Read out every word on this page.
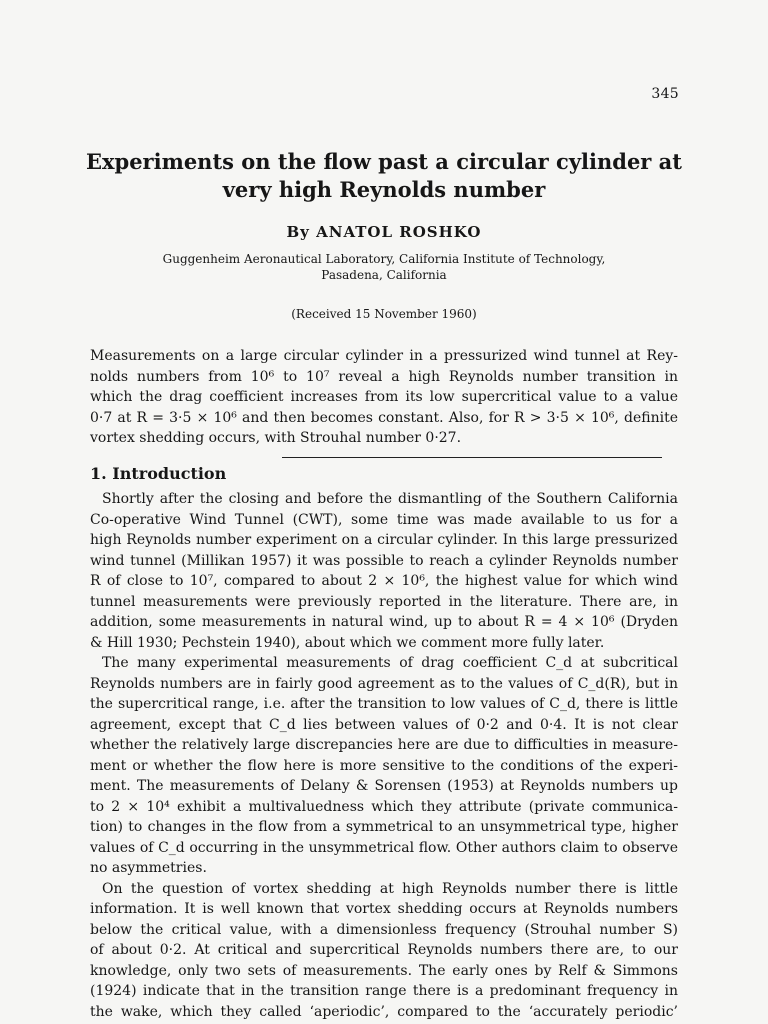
345
Experiments on the flow past a circular cylinder at
very high Reynolds number
By ANATOL ROSHKO
Guggenheim Aeronautical Laboratory, California Institute of Technology,
Pasadena, California
(Received 15 November 1960)
Measurements on a large circular cylinder in a pressurized wind tunnel at Rey-
nolds numbers from 10⁶ to 10⁷ reveal a high Reynolds number transition in
which the drag coefficient increases from its low supercritical value to a value
0·7 at R = 3·5 × 10⁶ and then becomes constant. Also, for R > 3·5 × 10⁶, definite
vortex shedding occurs, with Strouhal number 0·27.
1. Introduction
Shortly after the closing and before the dismantling of the Southern California
Co-operative Wind Tunnel (CWT), some time was made available to us for a
high Reynolds number experiment on a circular cylinder. In this large pressurized
wind tunnel (Millikan 1957) it was possible to reach a cylinder Reynolds number
R of close to 10⁷, compared to about 2 × 10⁶, the highest value for which wind
tunnel measurements were previously reported in the literature. There are, in
addition, some measurements in natural wind, up to about R = 4 × 10⁶ (Dryden
& Hill 1930; Pechstein 1940), about which we comment more fully later.
The many experimental measurements of drag coefficient C_d at subcritical
Reynolds numbers are in fairly good agreement as to the values of C_d(R), but in
the supercritical range, i.e. after the transition to low values of C_d, there is little
agreement, except that C_d lies between values of 0·2 and 0·4. It is not clear
whether the relatively large discrepancies here are due to difficulties in measure-
ment or whether the flow here is more sensitive to the conditions of the experi-
ment. The measurements of Delany & Sorensen (1953) at Reynolds numbers up
to 2 × 10⁴ exhibit a multivaluedness which they attribute (private communica-
tion) to changes in the flow from a symmetrical to an unsymmetrical type, higher
values of C_d occurring in the unsymmetrical flow. Other authors claim to observe
no asymmetries.
On the question of vortex shedding at high Reynolds number there is little
information. It is well known that vortex shedding occurs at Reynolds numbers
below the critical value, with a dimensionless frequency (Strouhal number S)
of about 0·2. At critical and supercritical Reynolds numbers there are, to our
knowledge, only two sets of measurements. The early ones by Relf & Simmons
(1924) indicate that in the transition range there is a predominant frequency in
the wake, which they called ‘aperiodic’, compared to the ‘accurately periodic’
